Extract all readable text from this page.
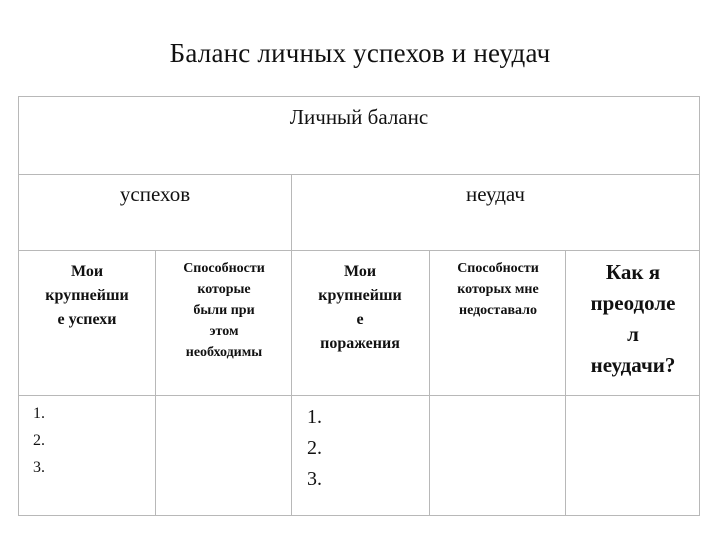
Баланс личных успехов и неудач
Личный баланс
успехов	неудач
Мои
крупнейши
е успехи
Способности
которые
были при
этом
необходимы
Мои
крупнейши
е
поражения
Способности
которых мне
недоставало
Как я
преодоле
л
неудачи?
1.
2.
3.
1.
2.
3.
